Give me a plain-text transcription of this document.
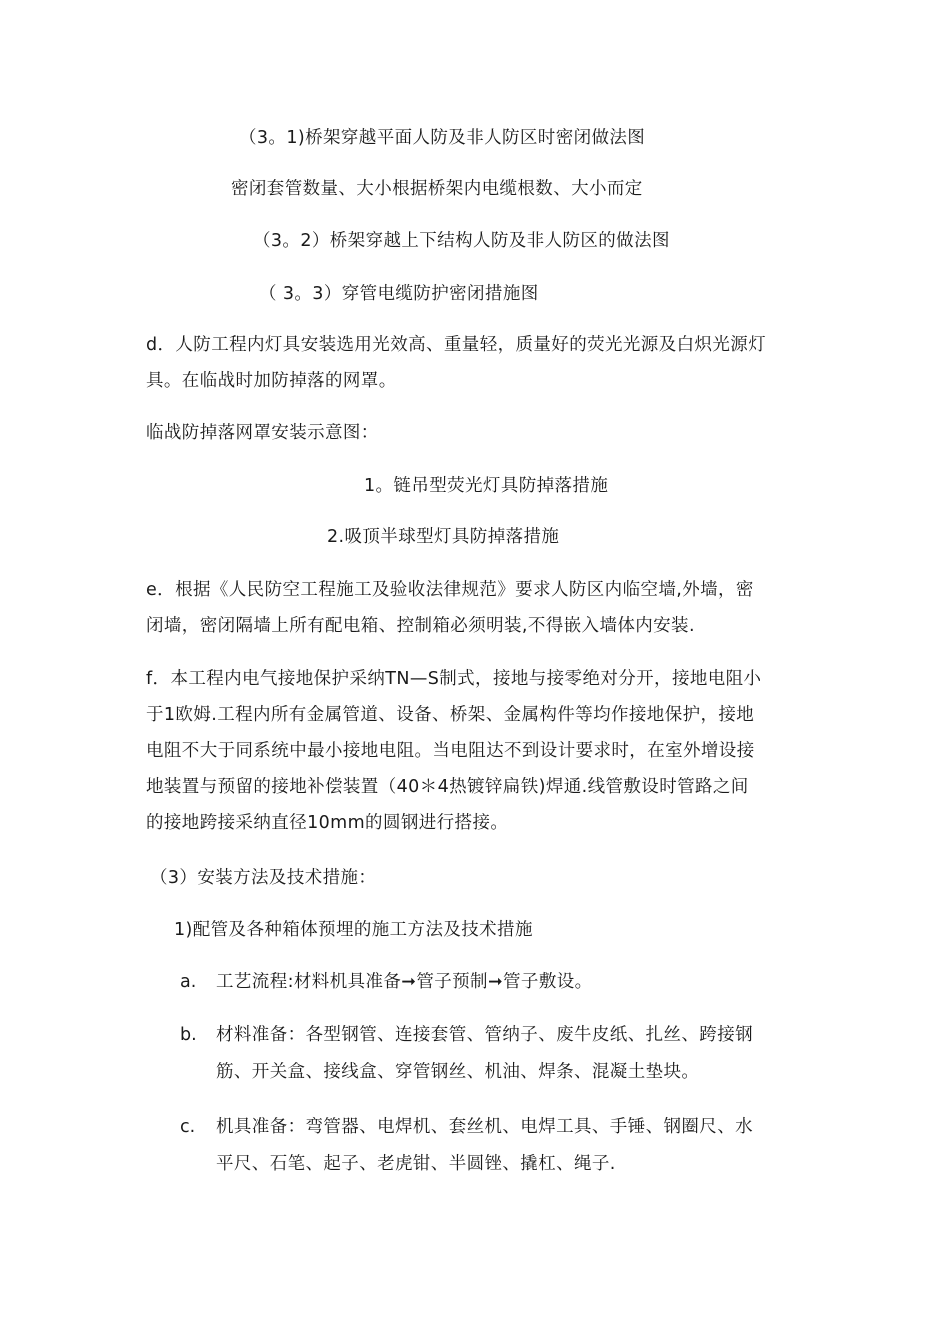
（3。1)桥架穿越平面人防及非人防区时密闭做法图
密闭套管数量、大小根据桥架内电缆根数、大小而定
（3。2）桥架穿越上下结构人防及非人防区的做法图
（ 3。3）穿管电缆防护密闭措施图
d．人防工程内灯具安装选用光效高、重量轻，质量好的荧光光源及白炽光源灯
具。在临战时加防掉落的网罩。
临战防掉落网罩安装示意图：
1。链吊型荧光灯具防掉落措施
2.吸顶半球型灯具防掉落措施
e．根据《人民防空工程施工及验收法律规范》要求人防区内临空墙,外墙，密
闭墙，密闭隔墙上所有配电箱、控制箱必须明装,不得嵌入墙体内安装.
f．本工程内电气接地保护采纳TN—S制式，接地与接零绝对分开，接地电阻小
于1欧姆.工程内所有金属管道、设备、桥架、金属构件等均作接地保护，接地
电阻不大于同系统中最小接地电阻。当电阻达不到设计要求时，在室外增设接
地装置与预留的接地补偿装置（40＊4热镀锌扁铁)焊通.线管敷设时管路之间
的接地跨接采纳直径10mm的圆钢进行搭接。
（3）安装方法及技术措施：
1)配管及各种箱体预埋的施工方法及技术措施
a. 工艺流程:材料机具准备➞管子预制➞管子敷设。
b. 材料准备：各型钢管、连接套管、管纳子、废牛皮纸、扎丝、跨接钢
筋、开关盒、接线盒、穿管钢丝、机油、焊条、混凝土垫块。
c. 机具准备：弯管器、电焊机、套丝机、电焊工具、手锤、钢圈尺、水
平尺、石笔、起子、老虎钳、半圆锉、撬杠、绳子.
